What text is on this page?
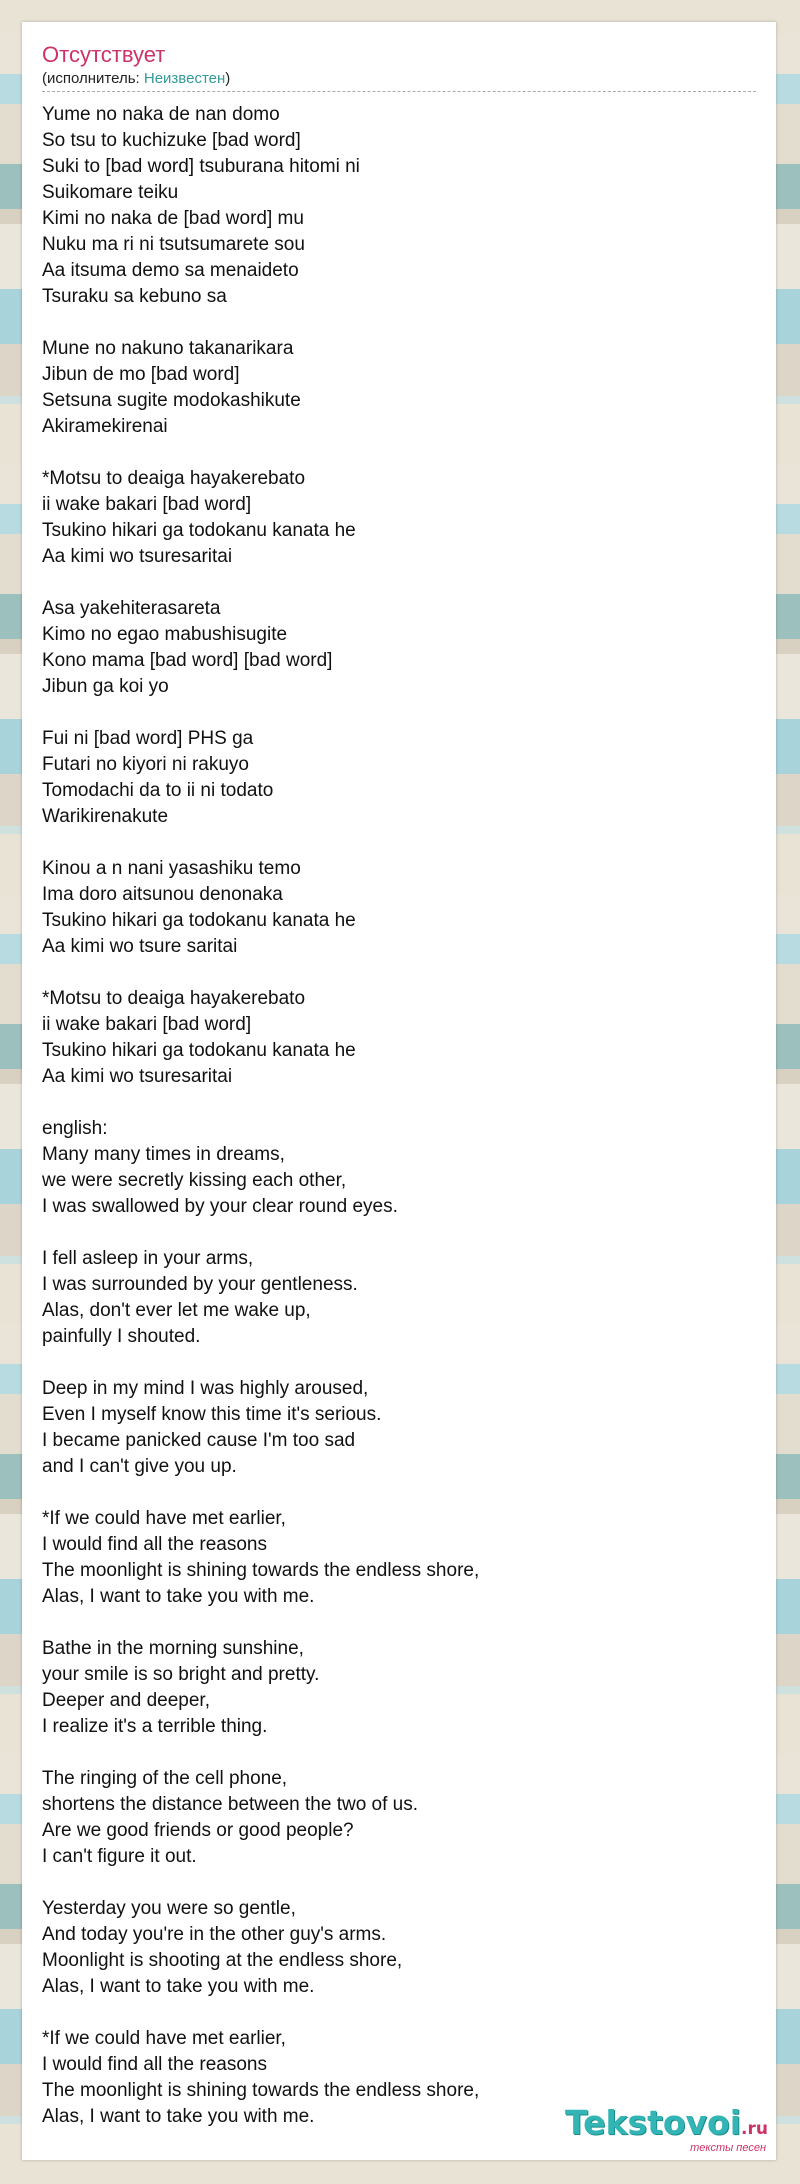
Отсутствует
(исполнитель: Неизвестен)
Yume no naka de nan domo
So tsu to kuchizuke [bad word]
Suki to [bad word] tsuburana hitomi ni
Suikomare teiku
Kimi no naka de [bad word] mu
Nuku ma ri ni tsutsumarete sou
Aa itsuma demo sa menaideto
Tsuraku sa kebuno sa
Mune no nakuno takanarikara
Jibun de mo [bad word]
Setsuna sugite modokashikute
Akiramekirenai
*Motsu to deaiga hayakerebato
ii wake bakari [bad word]
Tsukino hikari ga todokanu kanata he
Aa kimi wo tsuresaritai
Asa yakehiterasareta
Kimo no egao mabushisugite
Kono mama [bad word] [bad word]
Jibun ga koi yo
Fui ni [bad word] PHS ga
Futari no kiyori ni rakuyo
Tomodachi da to ii ni todato
Warikirenakute
Kinou a n nani yasashiku temo
Ima doro aitsunou denonaka
Tsukino hikari ga todokanu kanata he
Aa kimi wo tsure saritai
*Motsu to deaiga hayakerebato
ii wake bakari [bad word]
Tsukino hikari ga todokanu kanata he
Aa kimi wo tsuresaritai
english:
Many many times in dreams,
we were secretly kissing each other,
I was swallowed by your clear round eyes.
I fell asleep in your arms,
I was surrounded by your gentleness.
Alas, don't ever let me wake up,
painfully I shouted.
Deep in my mind I was highly aroused,
Even I myself know this time it's serious.
I became panicked cause I'm too sad
and I can't give you up.
*If we could have met earlier,
I would find all the reasons
The moonlight is shining towards the endless shore,
Alas, I want to take you with me.
Bathe in the morning sunshine,
your smile is so bright and pretty.
Deeper and deeper,
I realize it's a terrible thing.
The ringing of the cell phone,
shortens the distance between the two of us.
Are we good friends or good people?
I can't figure it out.
Yesterday you were so gentle,
And today you're in the other guy's arms.
Moonlight is shooting at the endless shore,
Alas, I want to take you with me.
*If we could have met earlier,
I would find all the reasons
The moonlight is shining towards the endless shore,
Alas, I want to take you with me.	Tekstovoi.ru
тексты песен
